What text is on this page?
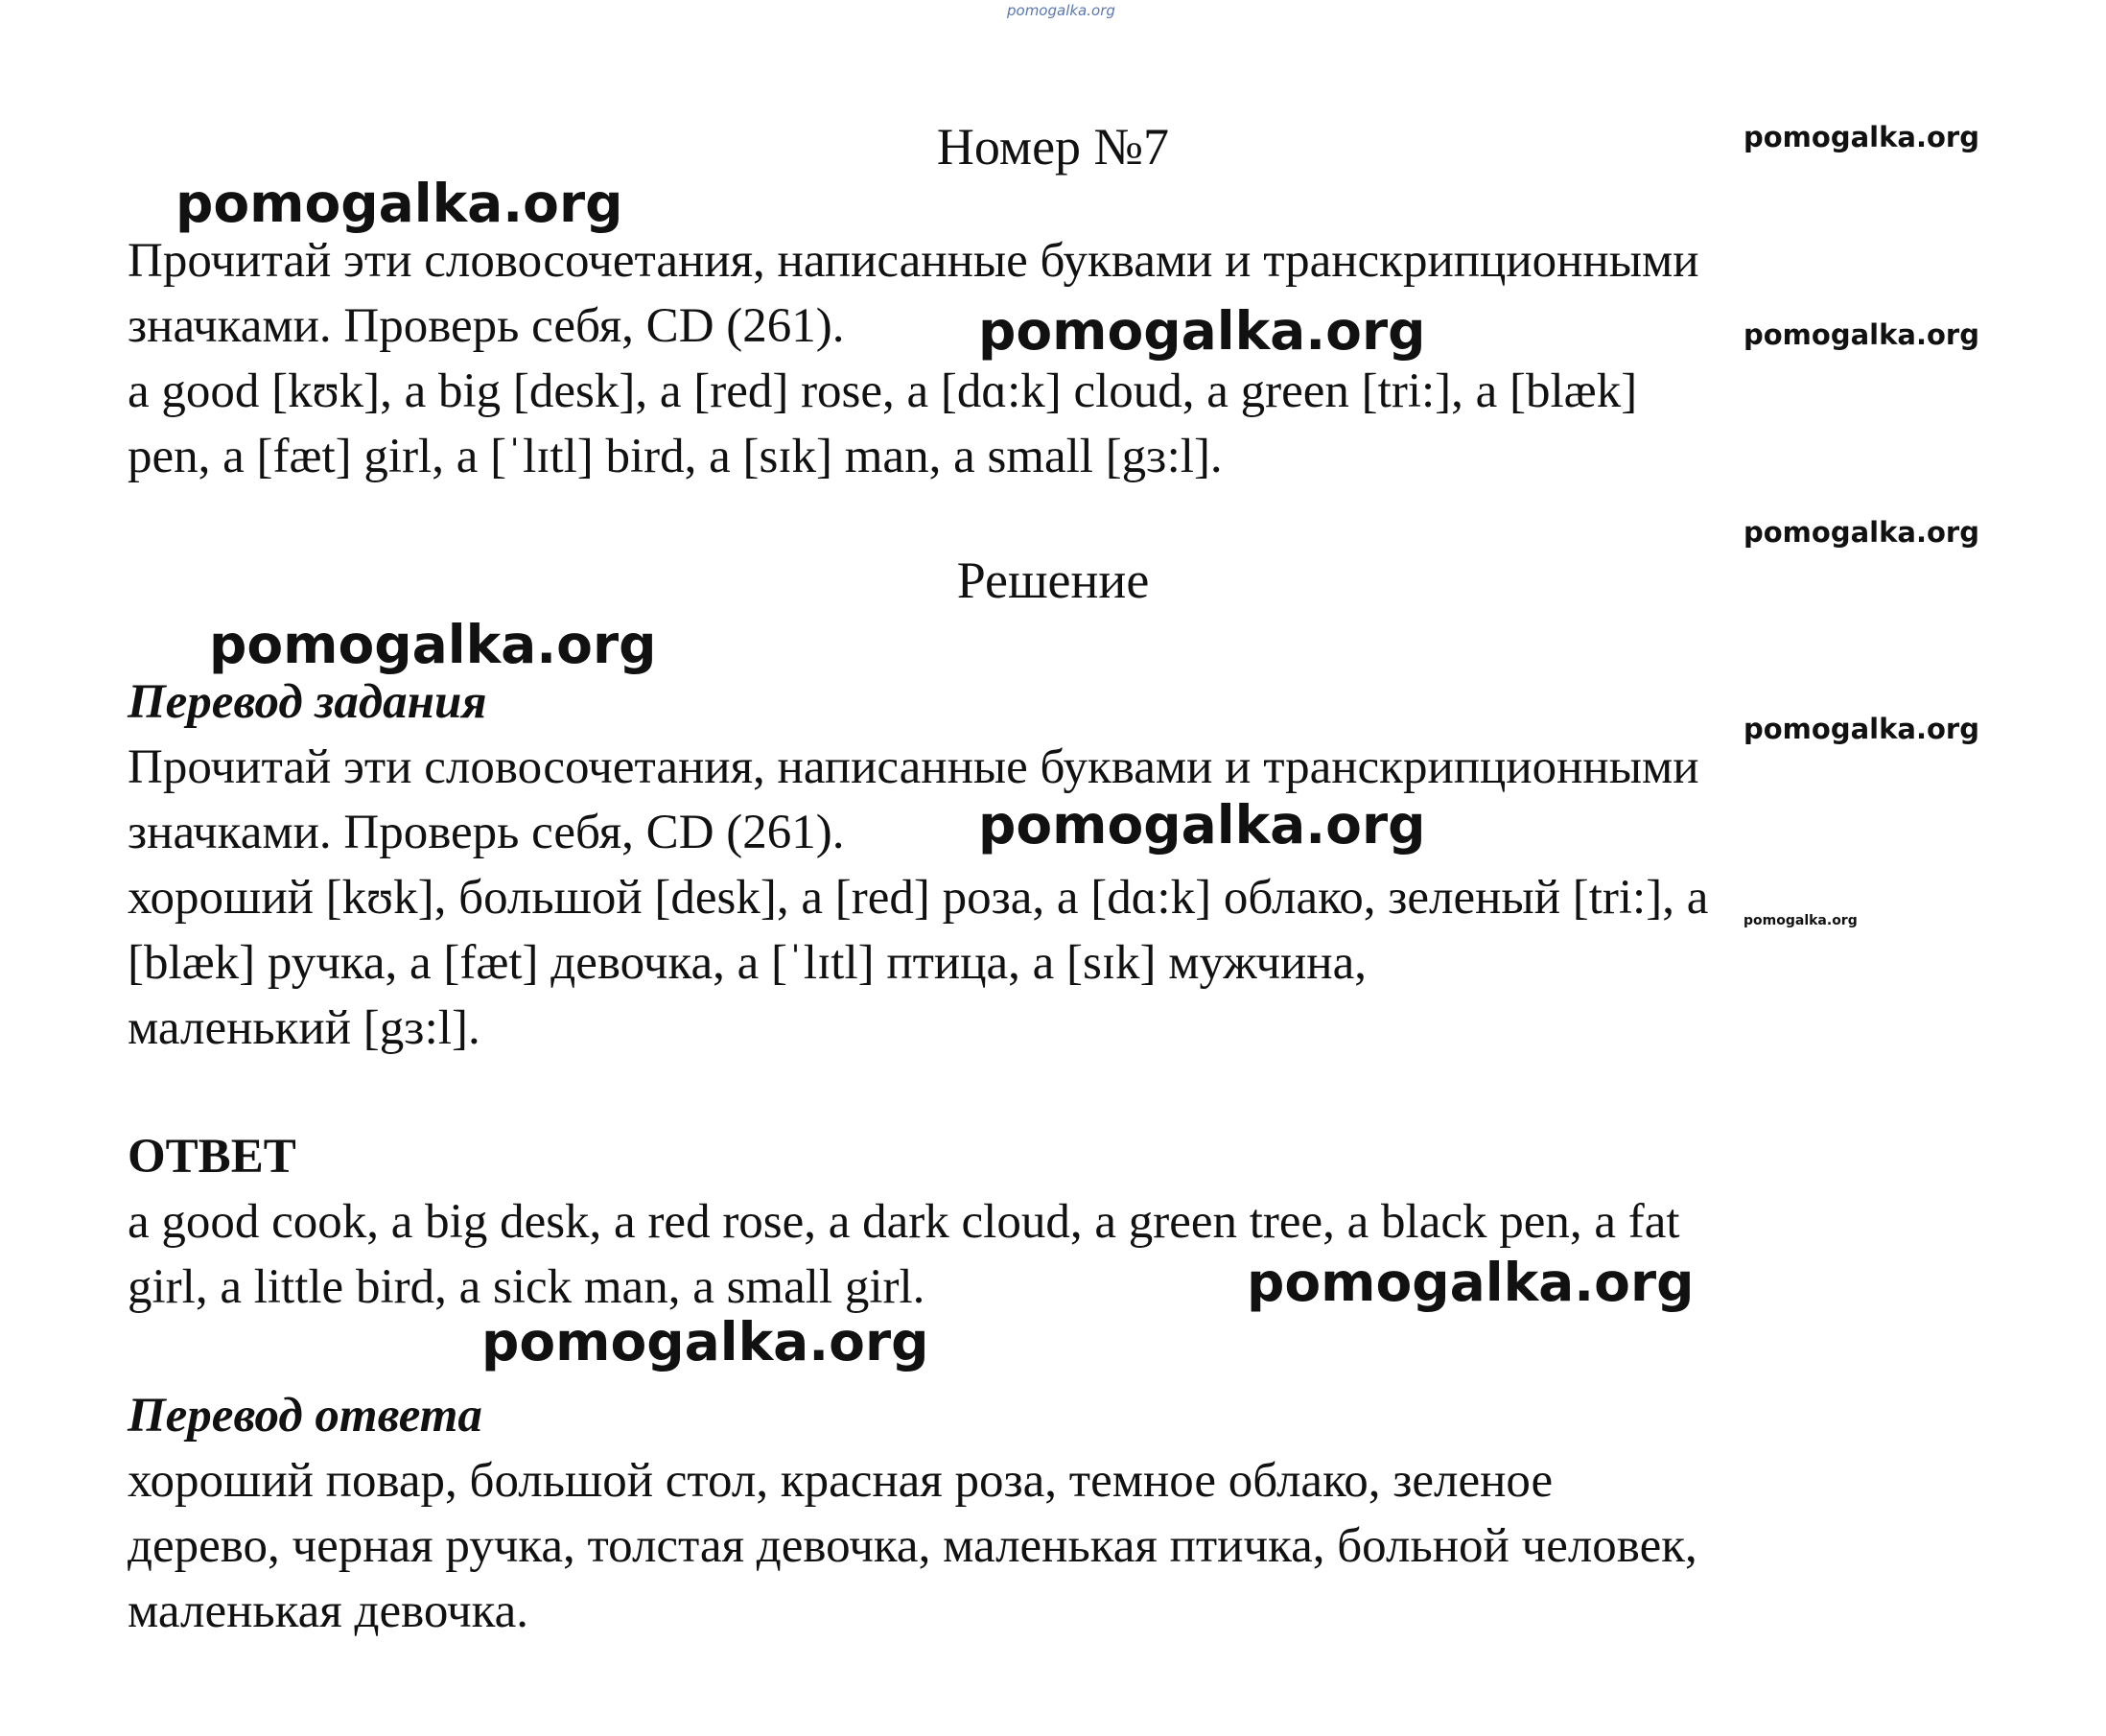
pomogalka.org
pomogalka.org
pomogalka.org
pomogalka.org	pomogalka.org
pomogalka.org
pomogalka.org
pomogalka.org
pomogalka.org
pomogalka.org
pomogalka.org
pomogalka.org
Номер №7
Прочитай эти словосочетания, написанные буквами и транскрипционными
значками. Проверь себя, CD (261).
a good [kʊk], a big [desk], a [red] rose, a [dɑ:k] cloud, a green [tri:], a [blæk]
pen, a [fæt] girl, a [ˈlɪtl] bird, a [sɪk] man, a small [gɜ:l].
Решение
Перевод задания
Прочитай эти словосочетания, написанные буквами и транскрипционными
значками. Проверь себя, CD (261).
хороший [kʊk], большой [desk], a [red] роза, a [dɑ:k] облако, зеленый [tri:], a
[blæk] ручка, a [fæt] девочка, a [ˈlɪtl] птица, a [sɪk] мужчина,
маленький [gɜ:l].
ОТВЕТ
a good cook, a big desk, a red rose, a dark cloud, a green tree, a black pen, a fat
girl, a little bird, a sick man, a small girl.
Перевод ответа
хороший повар, большой стол, красная роза, темное облако, зеленое
дерево, черная ручка, толстая девочка, маленькая птичка, больной человек,
маленькая девочка.
